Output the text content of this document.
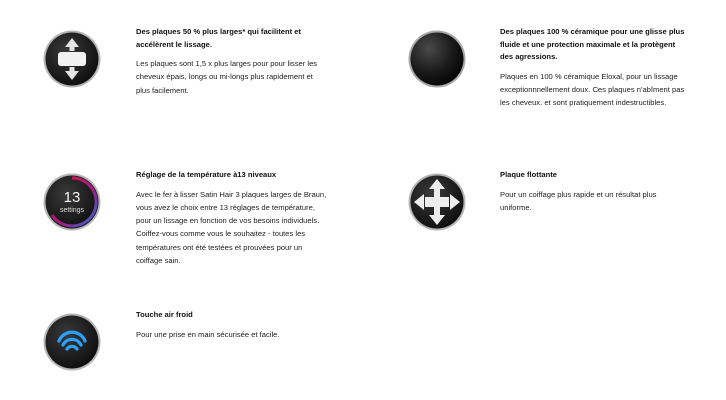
Des plaques 50 % plus larges* qui facilitent et
accélèrent le lissage.

Les plaques sont 1,5 x plus larges pour pour lisser les
cheveux épais, longs ou mi-longs plus rapidement et
plus facilement.

Des plaques 100 % céramique pour une glisse plus
fluide et une protection maximale et la protègent
des agressions.

Plaques en 100 % céramique Eloxal, pour un lissage
exceptionnnellement doux. Ces plaques n'abîment pas
les cheveux. et sont pratiquement indestructibles.

13
settings

Réglage de la température à13 niveaux

Avec le fer à lisser Satin Hair 3 plaques larges de Braun,
vous avez le choix entre 13 réglages de température,
pour un lissage en fonction de vos besoins individuels.
Coiffez-vous comme vous le souhaitez - toutes les
températures ont été testées et prouvées pour un
coiffage sain.

Plaque flottante

Pour un coiffage plus rapide et un résultat plus
uniforme.

Touche air froid

Pour une prise en main sécurisée et facile.
